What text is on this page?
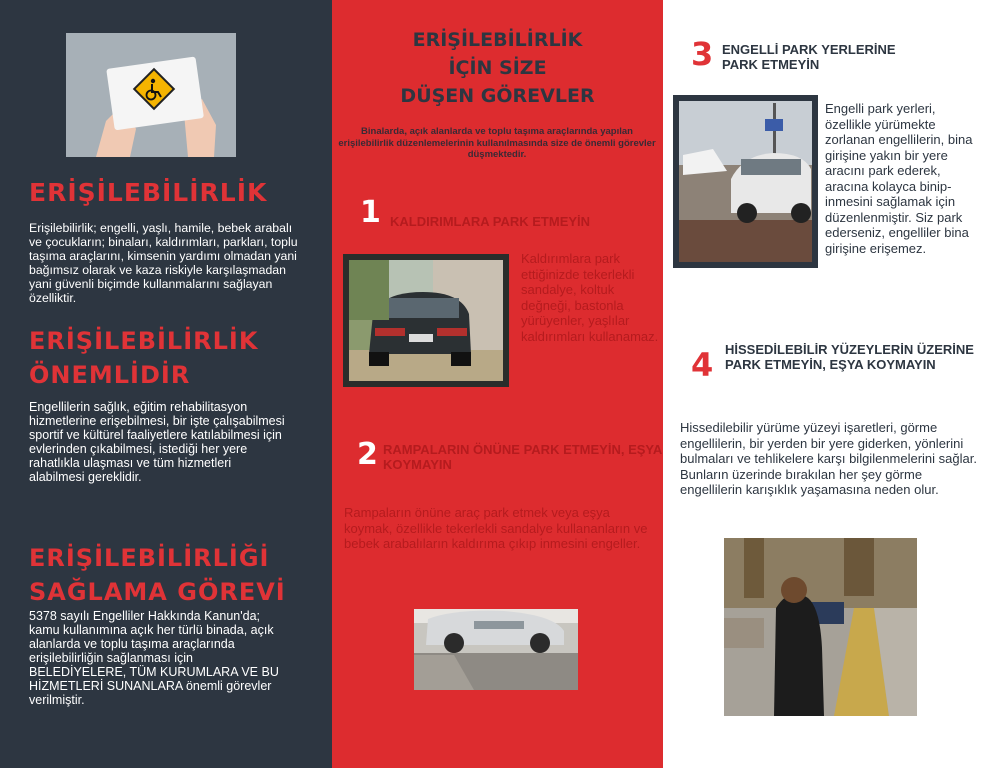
ERİŞİLEBİLİRLİK
Erişilebilirlik; engelli, yaşlı, hamile, bebek arabalı ve çocukların; binaları, kaldırımları, parkları, toplu taşıma araçlarını, kimsenin yardımı olmadan yani bağımsız olarak ve kaza riskiyle karşılaşmadan yani güvenli biçimde kullanmalarını sağlayan özelliktir.
ERİŞİLEBİLİRLİK
ÖNEMLİDİR
Engellilerin sağlık, eğitim rehabilitasyon hizmetlerine erişebilmesi, bir işte çalışabilmesi sportif ve kültürel faaliyetlere katılabilmesi için evlerinden çıkabilmesi, istediği her yere rahatlıkla ulaşması ve tüm hizmetleri alabilmesi gereklidir.
ERİŞİLEBİLİRLİĞİ
SAĞLAMA GÖREVİ
5378 sayılı Engelliler Hakkında Kanun'da; kamu kullanımına açık her türlü binada, açık alanlarda ve toplu taşıma araçlarında erişilebilirliğin sağlanması için BELEDİYELERE, TÜM KURUMLARA VE BU HİZMETLERİ SUNANLARA önemli görevler verilmiştir.
ERİŞİLEBİLİRLİK
İÇİN SİZE
DÜŞEN GÖREVLER
Binalarda, açık alanlarda ve toplu taşıma araçlarında yapılan erişilebilirlik düzenlemelerinin kullanılmasında size de önemli görevler düşmektedir.
1 KALDIRIMLARA PARK ETMEYİN
Kaldırımlara park ettiğinizde tekerlekli sandalye, koltuk değneği, bastonla yürüyenler, yaşlılar kaldırımları kullanamaz.
2 RAMPALARIN ÖNÜNE PARK ETMEYİN, EŞYA KOYMAYIN
Rampaların önüne araç park etmek veya eşya koymak, özellikle tekerlekli sandalye kullananların ve bebek arabalıların kaldırıma çıkıp inmesini engeller.
3 ENGELLİ PARK YERLERİNE PARK ETMEYİN
Engelli park yerleri, özellikle yürümekte zorlanan engellilerin, bina girişine yakın bir yere aracını park ederek, aracına kolayca binip-inmesini sağlamak için düzenlenmiştir. Siz park ederseniz, engelliler bina girişine erişemez.
4 HİSSEDİLEBİLİR YÜZEYLERİN ÜZERİNE PARK ETMEYİN, EŞYA KOYMAYIN
Hissedilebilir yürüme yüzeyi işaretleri, görme engellilerin, bir yerden bir yere giderken, yönlerini bulmaları ve tehlikelere karşı bilgilenmelerini sağlar. Bunların üzerinde bırakılan her şey görme engellilerin karışıklık yaşamasına neden olur.
